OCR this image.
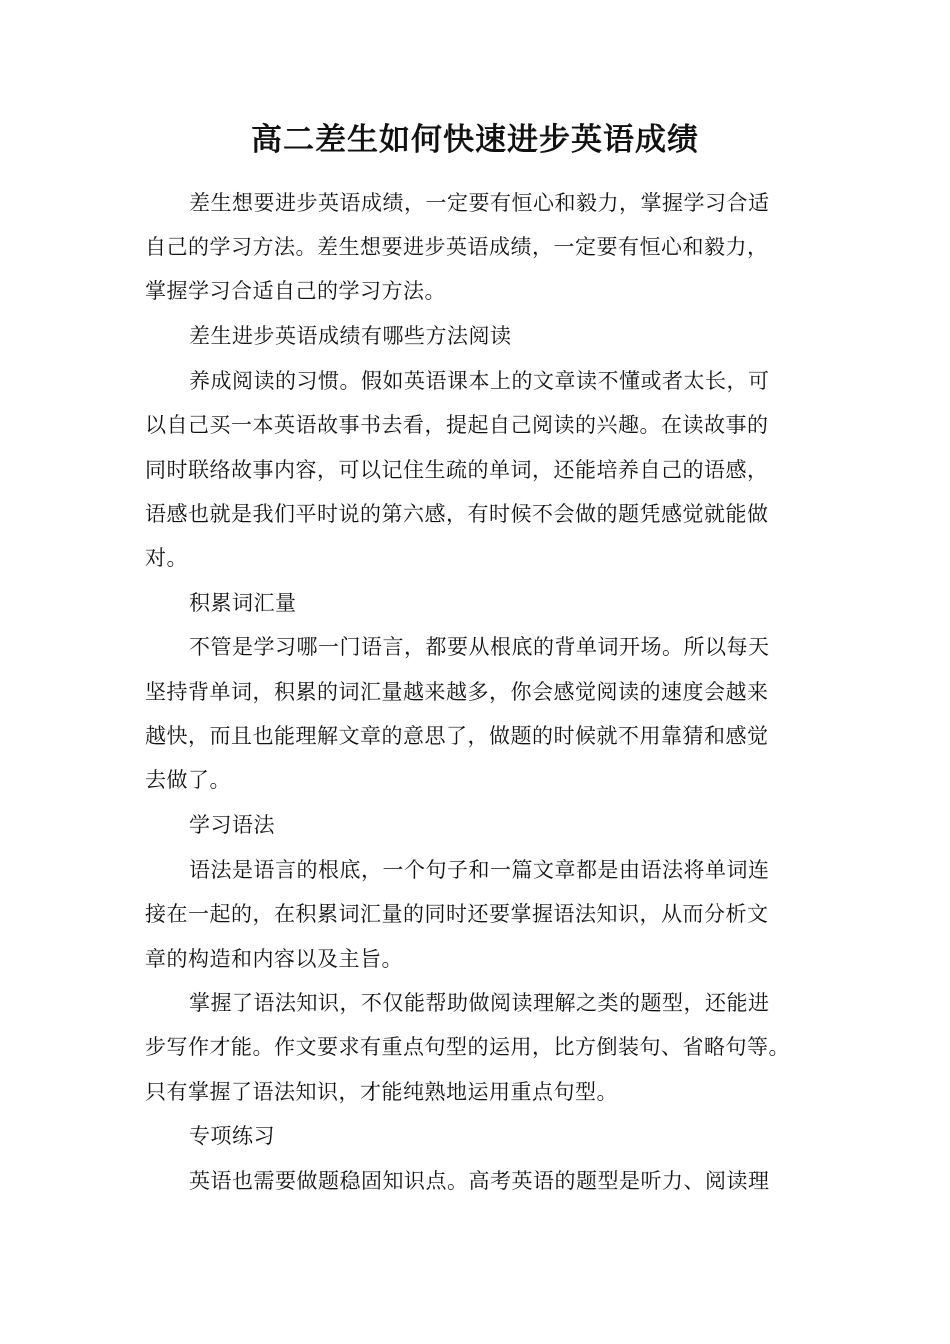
高二差生如何快速进步英语成绩
差生想要进步英语成绩，一定要有恒心和毅力，掌握学习合适
自己的学习方法。差生想要进步英语成绩，一定要有恒心和毅力，
掌握学习合适自己的学习方法。
差生进步英语成绩有哪些方法阅读
养成阅读的习惯。假如英语课本上的文章读不懂或者太长，可
以自己买一本英语故事书去看，提起自己阅读的兴趣。在读故事的
同时联络故事内容，可以记住生疏的单词，还能培养自己的语感，
语感也就是我们平时说的第六感，有时候不会做的题凭感觉就能做
对。
积累词汇量
不管是学习哪一门语言，都要从根底的背单词开场。所以每天
坚持背单词，积累的词汇量越来越多，你会感觉阅读的速度会越来
越快，而且也能理解文章的意思了，做题的时候就不用靠猜和感觉
去做了。
学习语法
语法是语言的根底，一个句子和一篇文章都是由语法将单词连
接在一起的，在积累词汇量的同时还要掌握语法知识，从而分析文
章的构造和内容以及主旨。
掌握了语法知识，不仅能帮助做阅读理解之类的题型，还能进
步写作才能。作文要求有重点句型的运用，比方倒装句、省略句等。
只有掌握了语法知识，才能纯熟地运用重点句型。
专项练习
英语也需要做题稳固知识点。高考英语的题型是听力、阅读理
